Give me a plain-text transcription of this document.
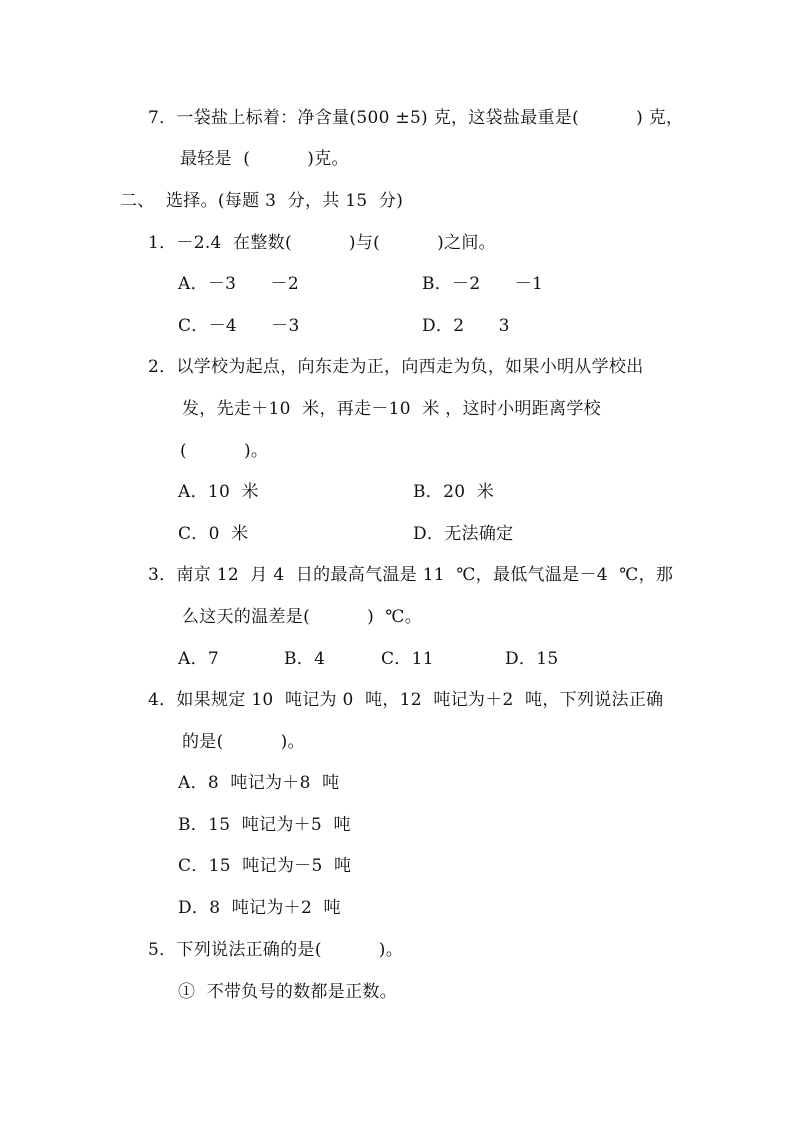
7．一袋盐上标着：净含量(500 ±5) 克，这袋盐最重是(          ) 克，
最轻是  (          )克。
二、  选择。(每题 3  分，共 15  分)
1．－2.4  在整数(          )与(          )之间。
A．－3      －2	B．－2      －1
C．－4      －3	D．2      3
2．以学校为起点，向东走为正，向西走为负，如果小明从学校出
发，先走＋10  米，再走－10  米 ，这时小明距离学校
(          )。
A．10  米	B．20  米
C．0  米	D．无法确定
3．南京 12  月 4  日的最高气温是 11  ℃，最低气温是－4  ℃，那
么这天的温差是(          )  ℃。
A．7	B．4	C．11	D．15
4．如果规定 10  吨记为 0  吨，12  吨记为＋2  吨，下列说法正确
的是(          )。
A．8  吨记为＋8  吨
B．15  吨记为＋5  吨
C．15  吨记为－5  吨
D．8  吨记为＋2  吨
5．下列说法正确的是(          )。
①  不带负号的数都是正数。
